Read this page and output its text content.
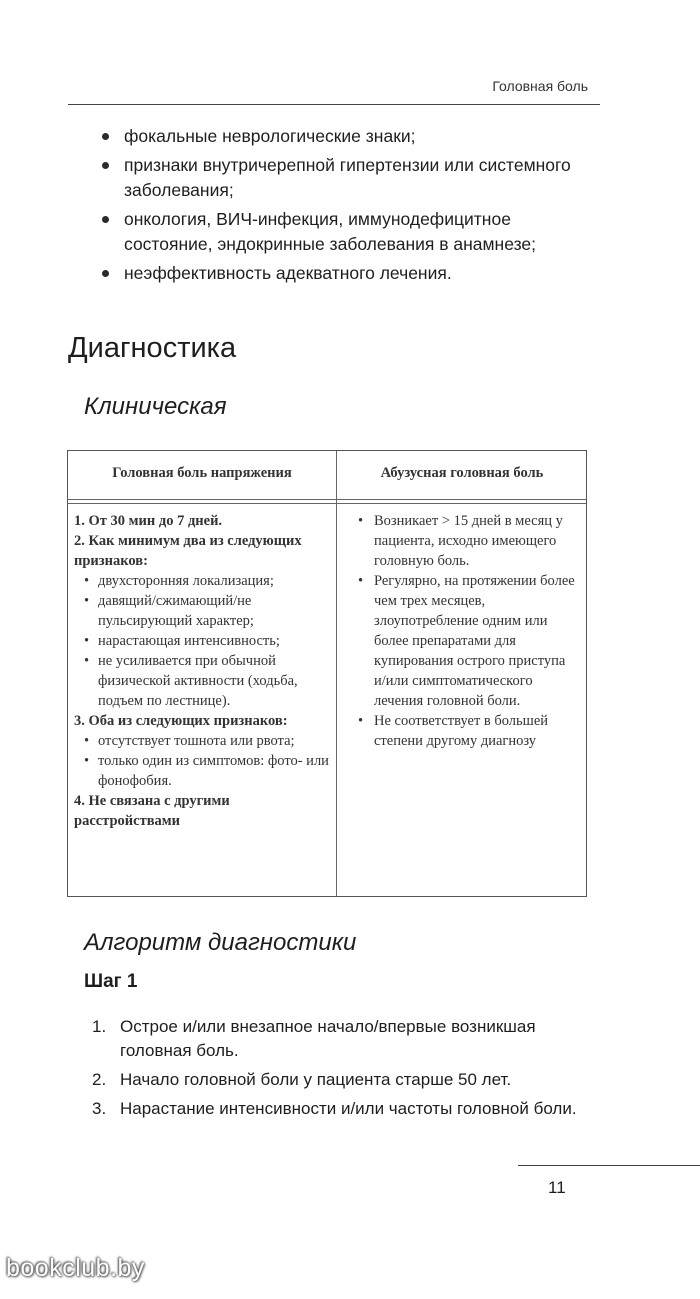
Головная боль
фокальные неврологические знаки;
признаки внутричерепной гипертензии или системного заболевания;
онкология, ВИЧ-инфекция, иммунодефицитное состояние, эндокринные заболевания в анамнезе;
неэффективность адекватного лечения.
Диагностика
Клиническая
Головная боль напряжения	Абузусная головная боль
1. От 30 мин до 7 дней.
2. Как минимум два из следующих признаков:
• двухсторонняя локализация;
• давящий/сжимающий/не пульсирующий характер;
• нарастающая интенсивность;
• не усиливается при обычной физической активности (ходьба, подъем по лестнице).
3. Оба из следующих признаков:
• отсутствует тошнота или рвота;
• только один из симптомов: фото- или фонофобия.
4. Не связана с другими расстройствами
• Возникает > 15 дней в месяц у пациента, исходно имеющего головную боль.
• Регулярно, на протяжении более чем трех месяцев, злоупотребление одним или более препаратами для купирования острого приступа и/или симптоматического лечения головной боли.
• Не соответствует в большей степени другому диагнозу
Алгоритм диагностики
Шаг 1
1. Острое и/или внезапное начало/впервые возникшая головная боль.
2. Начало головной боли у пациента старше 50 лет.
3. Нарастание интенсивности и/или частоты головной боли.
11
bookclub.by
